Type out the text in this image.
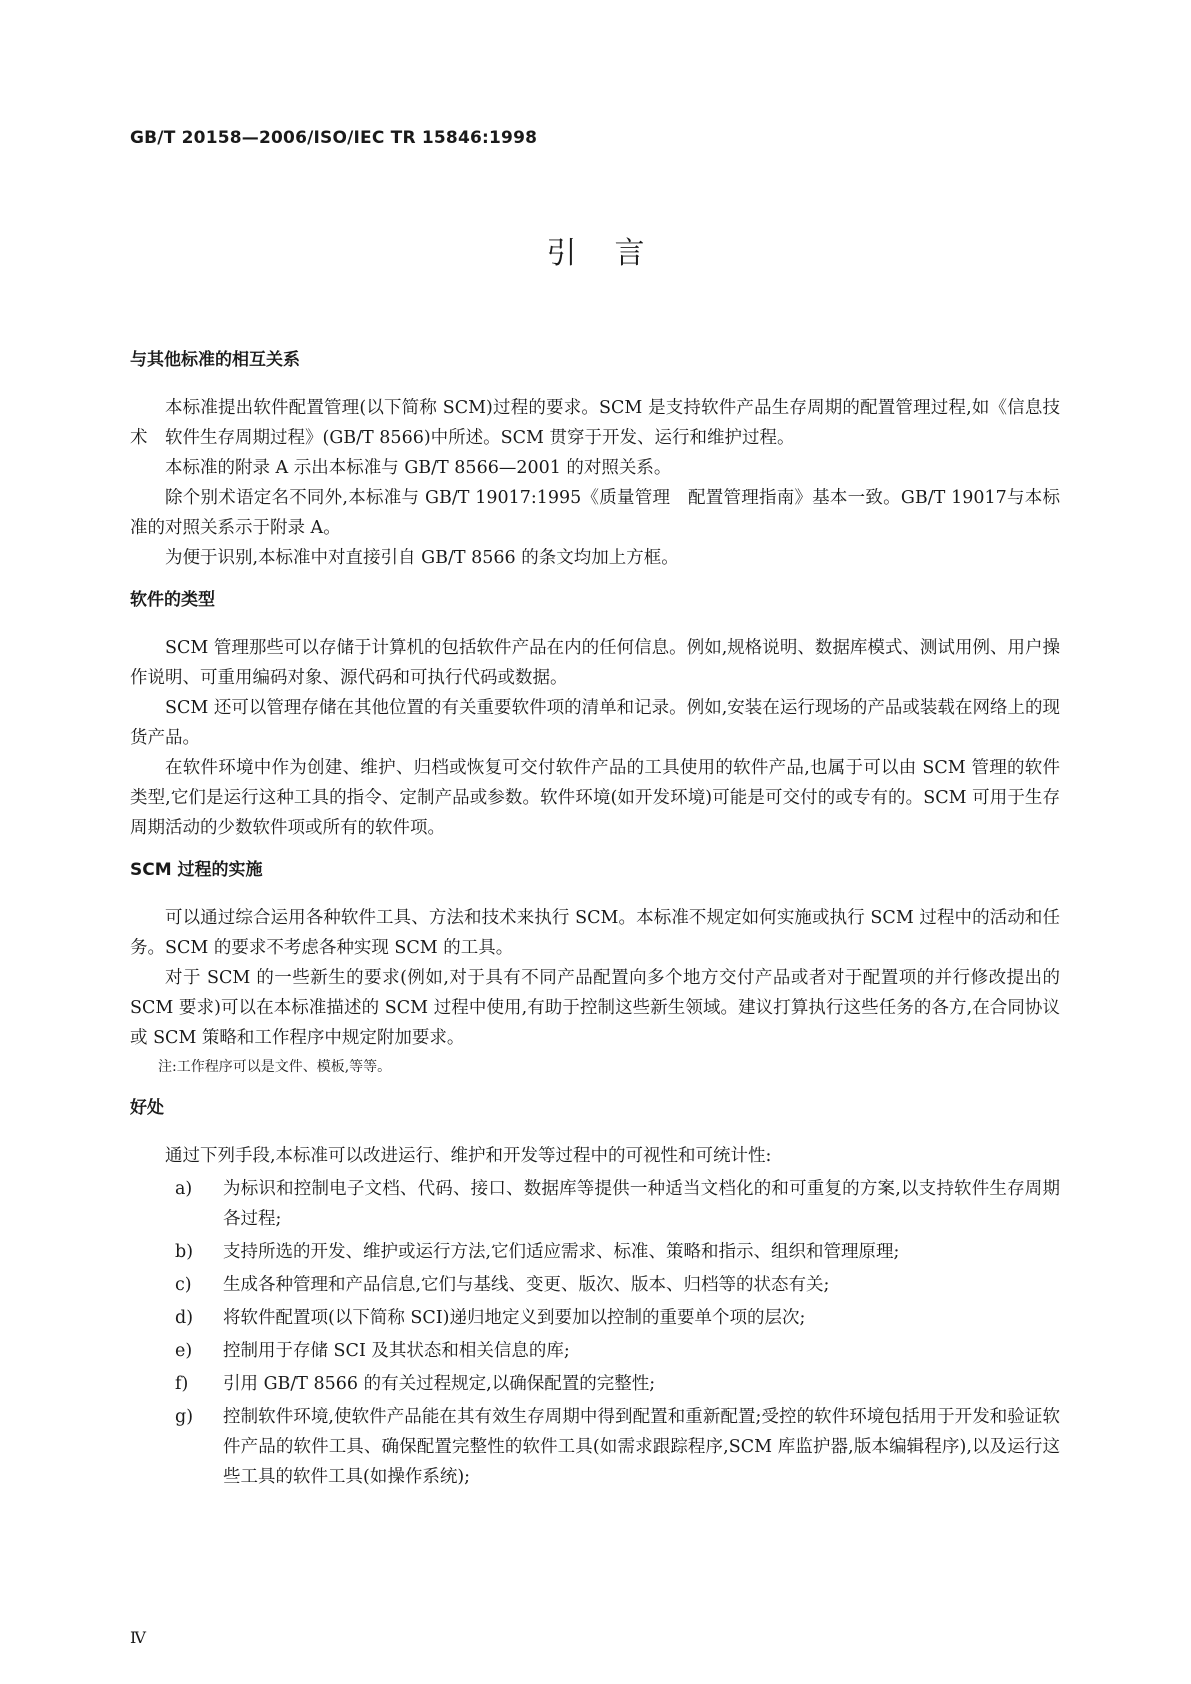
GB/T 20158—2006/ISO/IEC TR 15846:1998
引言
与其他标准的相互关系

本标准提出软件配置管理(以下简称 SCM)过程的要求。SCM 是支持软件产品生存周期的配置管理过程,如《信息技术　软件生存周期过程》(GB/T 8566)中所述。SCM 贯穿于开发、运行和维护过程。

本标准的附录 A 示出本标准与 GB/T 8566—2001 的对照关系。

除个别术语定名不同外,本标准与 GB/T 19017:1995《质量管理　配置管理指南》基本一致。GB/T 19017与本标准的对照关系示于附录 A。

为便于识别,本标准中对直接引自 GB/T 8566 的条文均加上方框。

软件的类型

SCM 管理那些可以存储于计算机的包括软件产品在内的任何信息。例如,规格说明、数据库模式、测试用例、用户操作说明、可重用编码对象、源代码和可执行代码或数据。

SCM 还可以管理存储在其他位置的有关重要软件项的清单和记录。例如,安装在运行现场的产品或装载在网络上的现货产品。

在软件环境中作为创建、维护、归档或恢复可交付软件产品的工具使用的软件产品,也属于可以由 SCM 管理的软件类型,它们是运行这种工具的指令、定制产品或参数。软件环境(如开发环境)可能是可交付的或专有的。SCM 可用于生存周期活动的少数软件项或所有的软件项。

SCM 过程的实施

可以通过综合运用各种软件工具、方法和技术来执行 SCM。本标准不规定如何实施或执行 SCM 过程中的活动和任务。SCM 的要求不考虑各种实现 SCM 的工具。

对于 SCM 的一些新生的要求(例如,对于具有不同产品配置向多个地方交付产品或者对于配置项的并行修改提出的 SCM 要求)可以在本标准描述的 SCM 过程中使用,有助于控制这些新生领域。建议打算执行这些任务的各方,在合同协议或 SCM 策略和工作程序中规定附加要求。

注:工作程序可以是文件、模板,等等。
好处

通过下列手段,本标准可以改进运行、维护和开发等过程中的可视性和可统计性:

a)	为标识和控制电子文档、代码、接口、数据库等提供一种适当文档化的和可重复的方案,以支持软件生存周期各过程;
b)	支持所选的开发、维护或运行方法,它们适应需求、标准、策略和指示、组织和管理原理;
c)	生成各种管理和产品信息,它们与基线、变更、版次、版本、归档等的状态有关;
d)	将软件配置项(以下简称 SCI)递归地定义到要加以控制的重要单个项的层次;
e)	控制用于存储 SCI 及其状态和相关信息的库;
f)	引用 GB/T 8566 的有关过程规定,以确保配置的完整性;
g)	控制软件环境,使软件产品能在其有效生存周期中得到配置和重新配置;受控的软件环境包括用于开发和验证软件产品的软件工具、确保配置完整性的软件工具(如需求跟踪程序,SCM 库监护器,版本编辑程序),以及运行这些工具的软件工具(如操作系统);
Ⅳ
